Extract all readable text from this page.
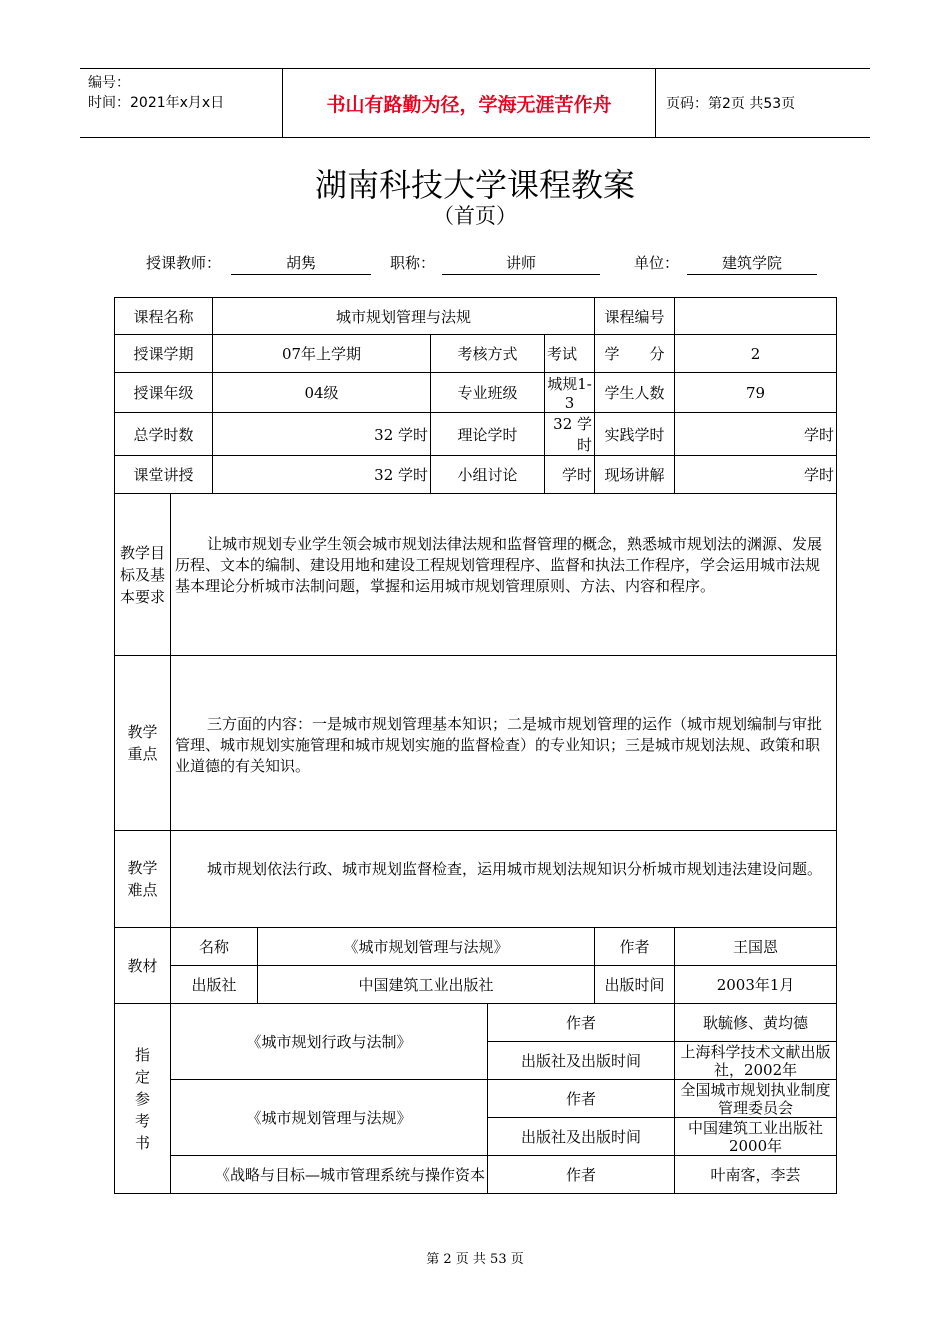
编号：
时间：2021年x月x日	书山有路勤为径，学海无涯苦作舟	页码：第2页 共53页
湖南科技大学课程教案
（首页）
授课教师：	胡隽	职称：	讲师	单位：	建筑学院
课程名称		城市规划管理与法规					课程编号	
授课学期		07年上学期		考核方式		考试	学　　分	2
授课年级		04级		专业班级		城规1-3	学生人数	79
总学时数		32 学时		理论学时		32 学时	实践学时	学时
课堂讲授		32 学时		小组讨论		学时	现场讲解	学时
教学目标及基本要求	让城市规划专业学生领会城市规划法律法规和监督管理的概念，熟悉城市规划法的渊源、发展历程、文本的编制、建设用地和建设工程规划管理程序、监督和执法工作程序，学会运用城市法规基本理论分析城市法制问题，掌握和运用城市规划管理原则、方法、内容和程序。							

教学重点	三方面的内容：一是城市规划管理基本知识；二是城市规划管理的运作（城市规划编制与审批管理、城市规划实施管理和城市规划实施的监督检查）的专业知识；三是城市规划法规、政策和职业道德的有关知识。							

教学难点	城市规划依法行政、城市规划监督检查，运用城市规划法规知识分析城市规划违法建设问题。							

教材	名称		《城市规划管理与法规》				作者	王国恩
	出版社		中国建筑工业出版社				出版时间	2003年1月
指定参考书	《城市规划行政与法制》				作者			耿毓修、黄均德
					出版社及出版时间			上海科学技术文献出版社，2002年
	《城市规划管理与法规》				作者			全国城市规划执业制度管理委员会
					出版社及出版时间			中国建筑工业出版社2000年
	《战略与目标—城市管理系统与操作资本				作者			叶南客，李芸
第 2 页 共 53 页
